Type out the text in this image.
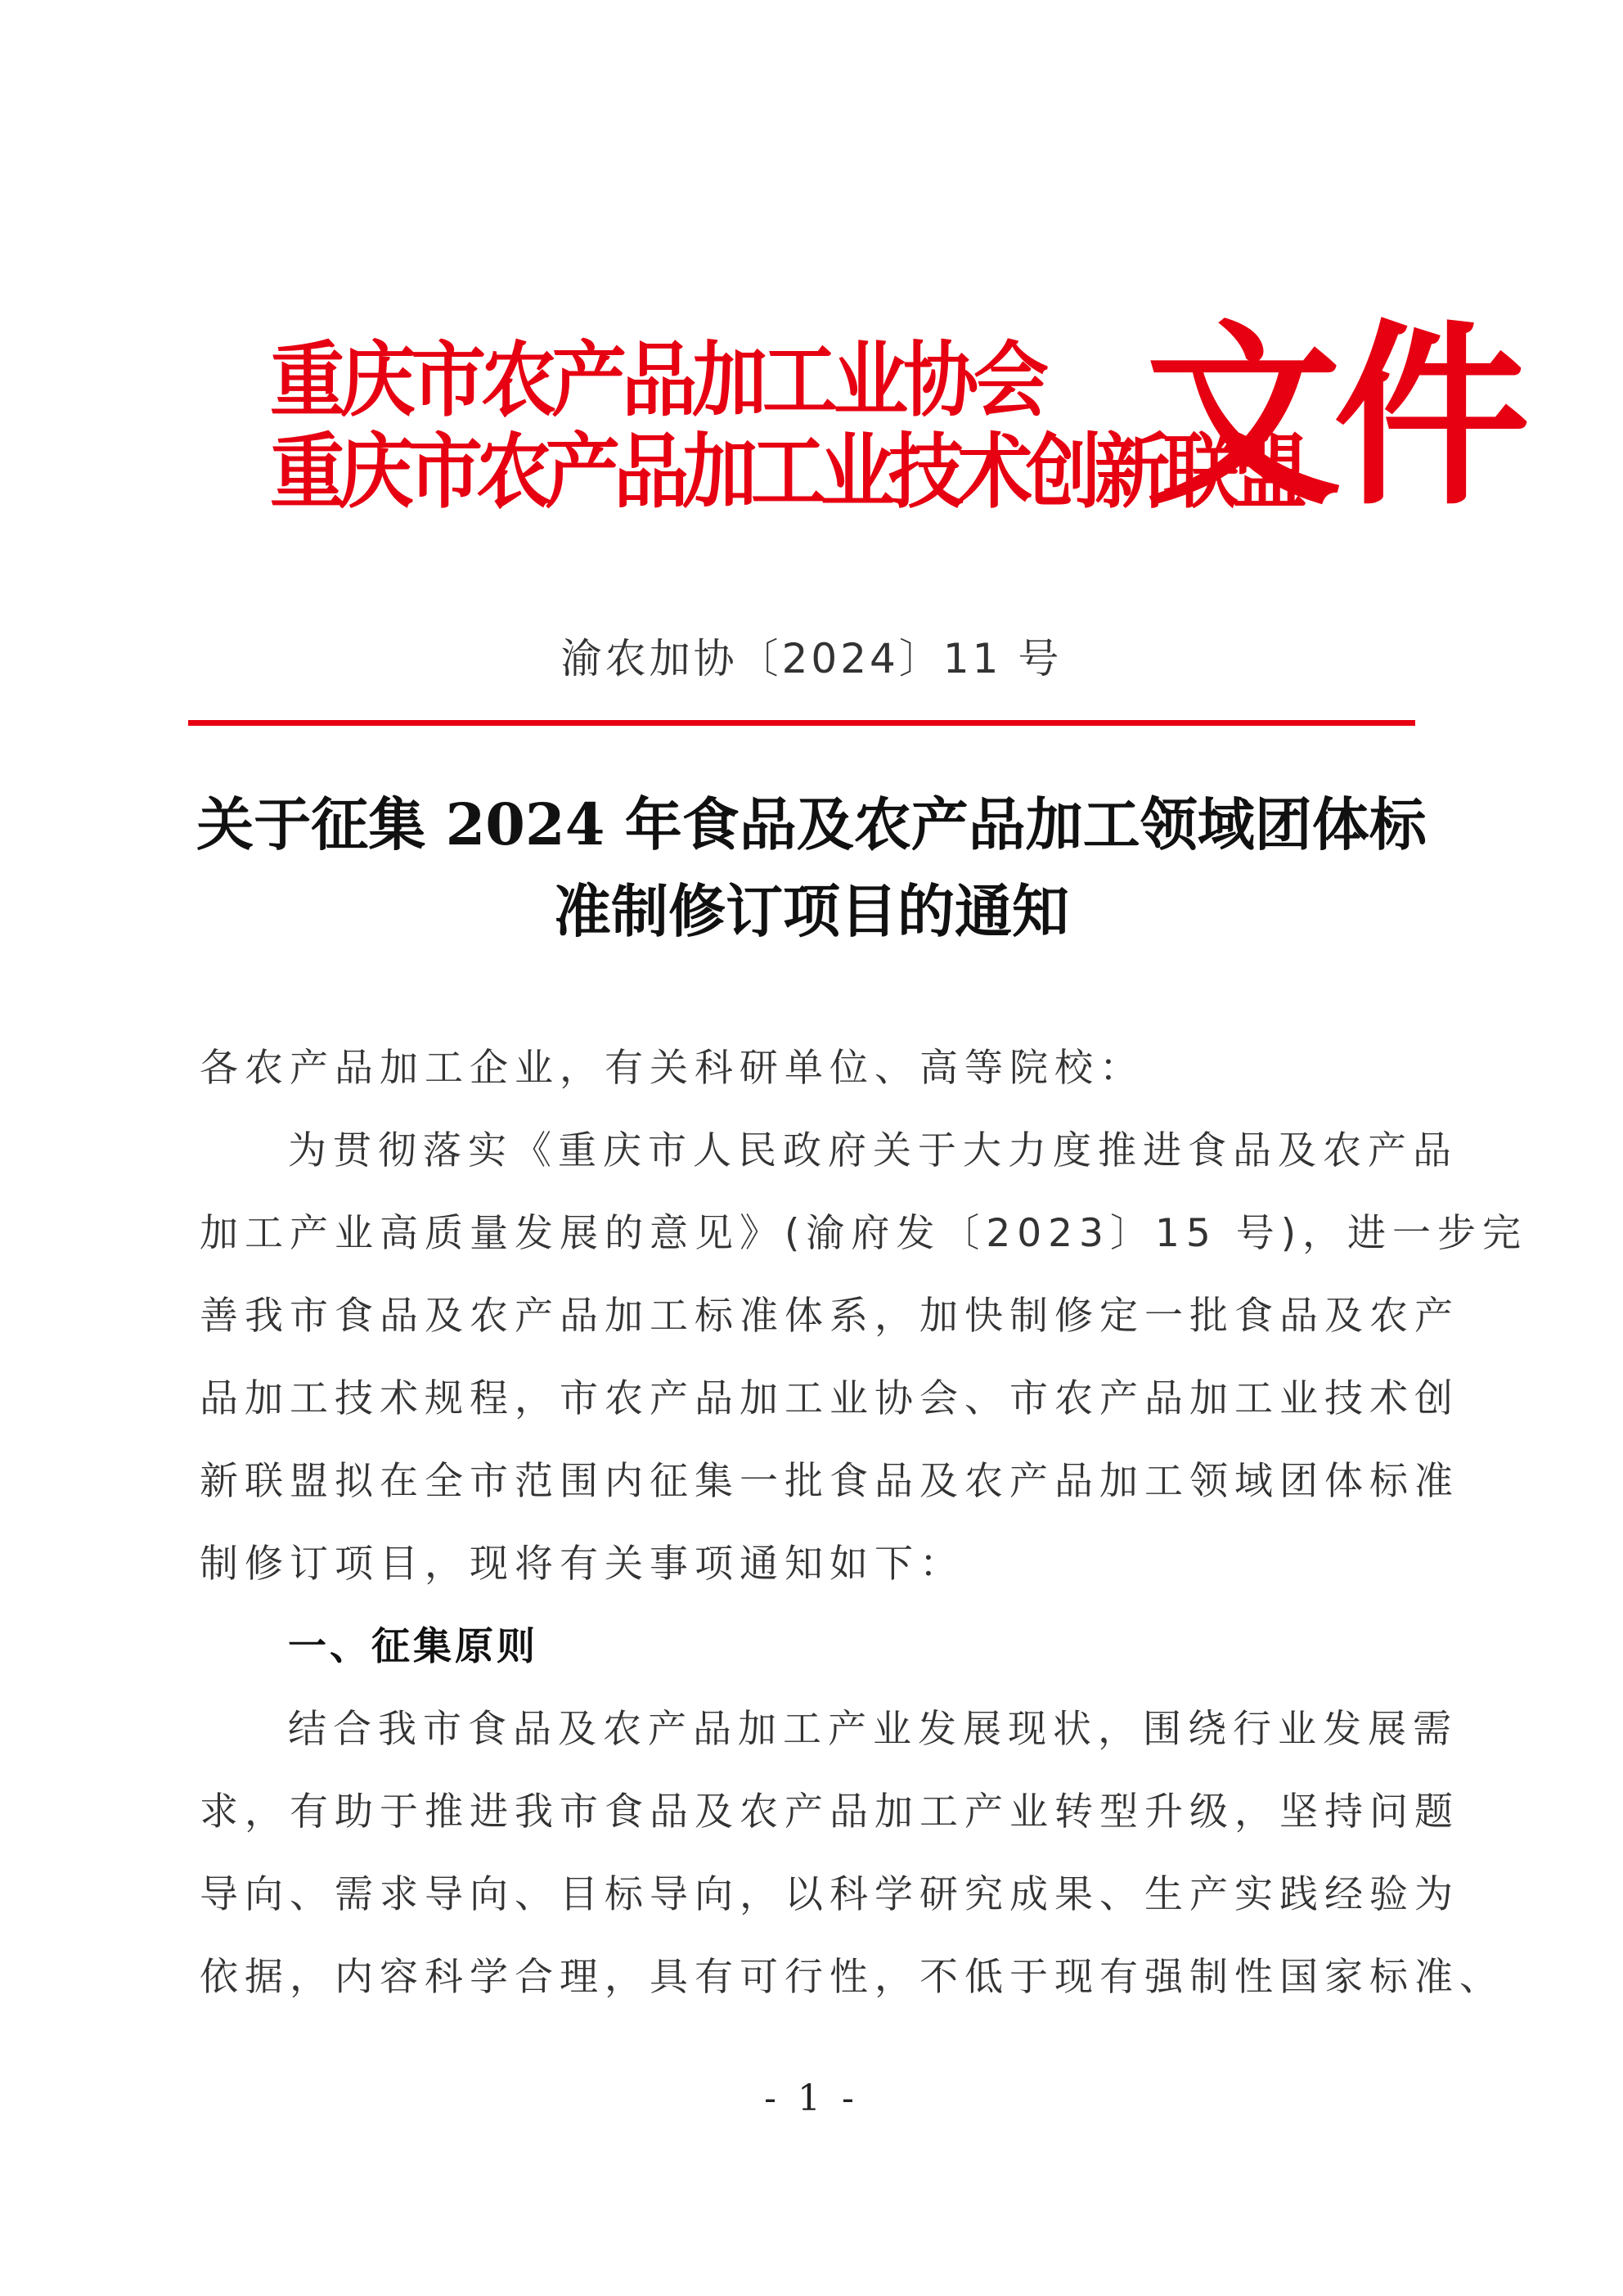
重庆市农产品加工业协会
重庆市农产品加工业技术创新联盟
文件
渝农加协〔2024〕11 号
关于征集 2024 年食品及农产品加工领域团体标
准制修订项目的通知
各农产品加工企业，有关科研单位、高等院校：
为贯彻落实《重庆市人民政府关于大力度推进食品及农产品
加工产业高质量发展的意见》(渝府发〔2023〕15 号)，进一步完
善我市食品及农产品加工标准体系，加快制修定一批食品及农产
品加工技术规程，市农产品加工业协会、市农产品加工业技术创
新联盟拟在全市范围内征集一批食品及农产品加工领域团体标准
制修订项目，现将有关事项通知如下：
一、征集原则
结合我市食品及农产品加工产业发展现状，围绕行业发展需
求，有助于推进我市食品及农产品加工产业转型升级，坚持问题
导向、需求导向、目标导向，以科学研究成果、生产实践经验为
依据，内容科学合理，具有可行性，不低于现有强制性国家标准、
- 1 -
